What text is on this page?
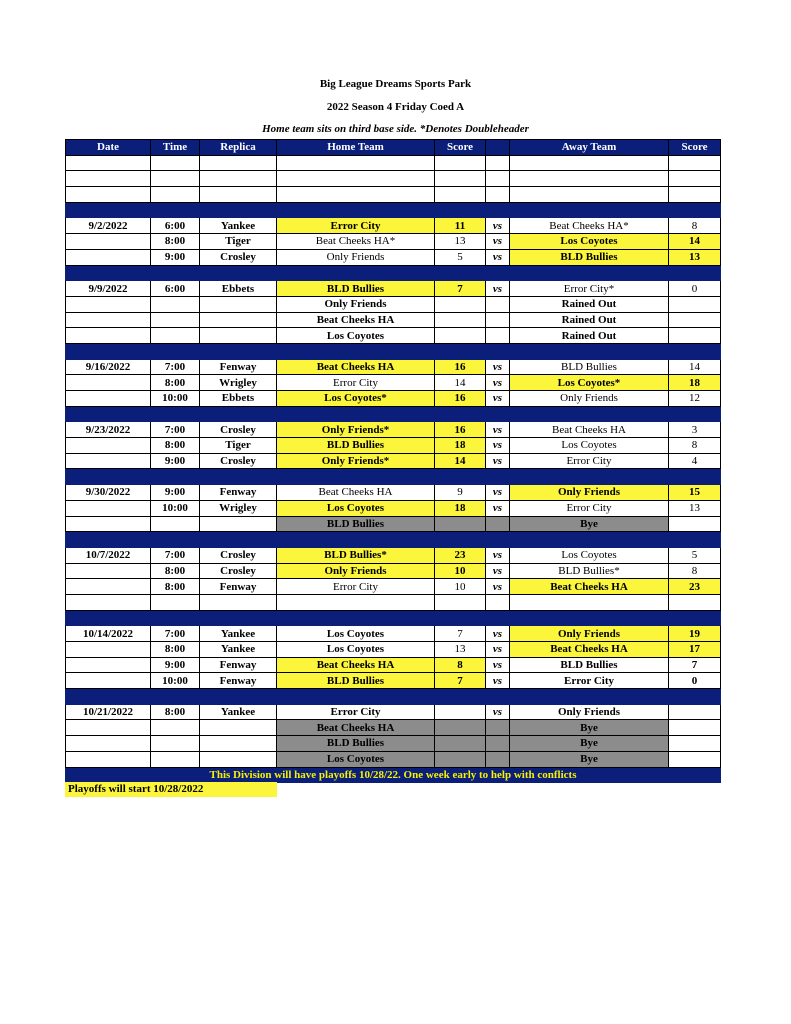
Big League Dreams Sports Park
2022 Season 4 Friday Coed A
Home team sits on third base side. *Denotes Doubleheader
Date	Time	Replica	Home Team	Score		Away Team	Score

9/2/2022	6:00	Yankee	Error City	11	vs	Beat Cheeks HA*	8
	8:00	Tiger	Beat Cheeks HA*	13	vs	Los Coyotes	14
	9:00	Crosley	Only Friends	5	vs	BLD Bullies	13

9/9/2022	6:00	Ebbets	BLD Bullies	7	vs	Error City*	0
			Only Friends			Rained Out	
			Beat Cheeks HA			Rained Out	
			Los Coyotes			Rained Out	

9/16/2022	7:00	Fenway	Beat Cheeks HA	16	vs	BLD Bullies	14
	8:00	Wrigley	Error City	14	vs	Los Coyotes*	18
	10:00	Ebbets	Los Coyotes*	16	vs	Only Friends	12

9/23/2022	7:00	Crosley	Only Friends*	16	vs	Beat Cheeks HA	3
	8:00	Tiger	BLD Bullies	18	vs	Los Coyotes	8
	9:00	Crosley	Only Friends*	14	vs	Error City	4

9/30/2022	9:00	Fenway	Beat Cheeks HA	9	vs	Only Friends	15
	10:00	Wrigley	Los Coyotes	18	vs	Error City	13
			BLD Bullies			Bye	

10/7/2022	7:00	Crosley	BLD Bullies*	23	vs	Los Coyotes	5
	8:00	Crosley	Only Friends	10	vs	BLD Bullies*	8
	8:00	Fenway	Error City	10	vs	Beat Cheeks HA	23

10/14/2022	7:00	Yankee	Los Coyotes	7	vs	Only Friends	19
	8:00	Yankee	Los Coyotes	13	vs	Beat Cheeks HA	17
	9:00	Fenway	Beat Cheeks HA	8	vs	BLD Bullies	7
	10:00	Fenway	BLD Bullies	7	vs	Error City	0

10/21/2022	8:00	Yankee	Error City		vs	Only Friends	
			Beat Cheeks HA			Bye	
			BLD Bullies			Bye	
			Los Coyotes			Bye	
This Division will have playoffs 10/28/22. One week early to help with conflicts							
Playoffs will start 10/28/2022
